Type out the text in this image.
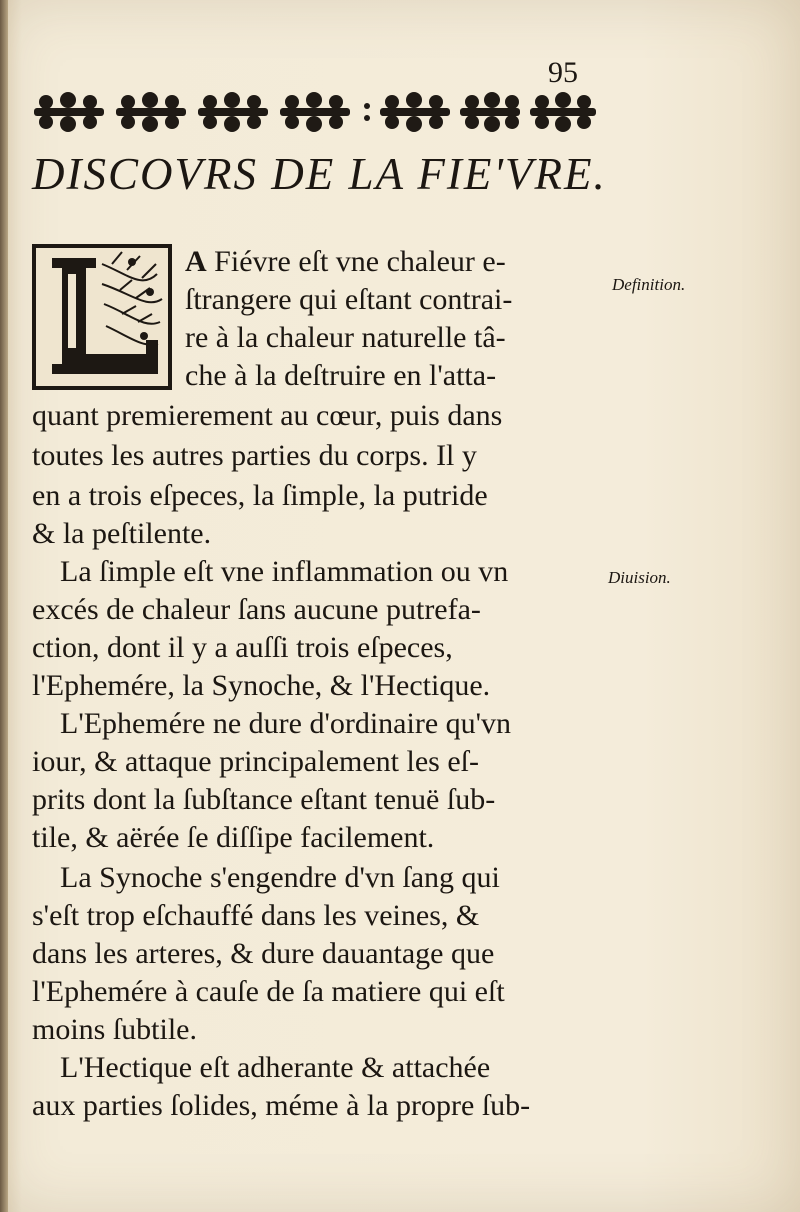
95
DISCOVRS DE LA FIE'VRE.
A Fiévre eſt vne chaleur e-
ſtrangere qui eſtant contrai-
re à la chaleur naturelle tâ-
che à la deſtruire en l'atta-
quant premierement au cœur, puis dans
toutes les autres parties du corps. Il y
en a trois eſpeces, la ſimple, la putride
& la peſtilente.
La ſimple eſt vne inflammation ou vn
excés de chaleur ſans aucune putrefa-
ction, dont il y a auſſi trois eſpeces,
l'Ephemére, la Synoche, & l'Hectique.
L'Ephemére ne dure d'ordinaire qu'vn
iour, & attaque principalement les eſ-
prits dont la ſubſtance eſtant tenuë ſub-
tile, & aërée ſe diſſipe facilement.
La Synoche s'engendre d'vn ſang qui
s'eſt trop eſchauffé dans les veines, &
dans les arteres, & dure dauantage que
l'Ephemére à cauſe de ſa matiere qui eſt
moins ſubtile.
L'Hectique eſt adherante & attachée
aux parties ſolides, méme à la propre ſub-
Definition.
Diuision.
